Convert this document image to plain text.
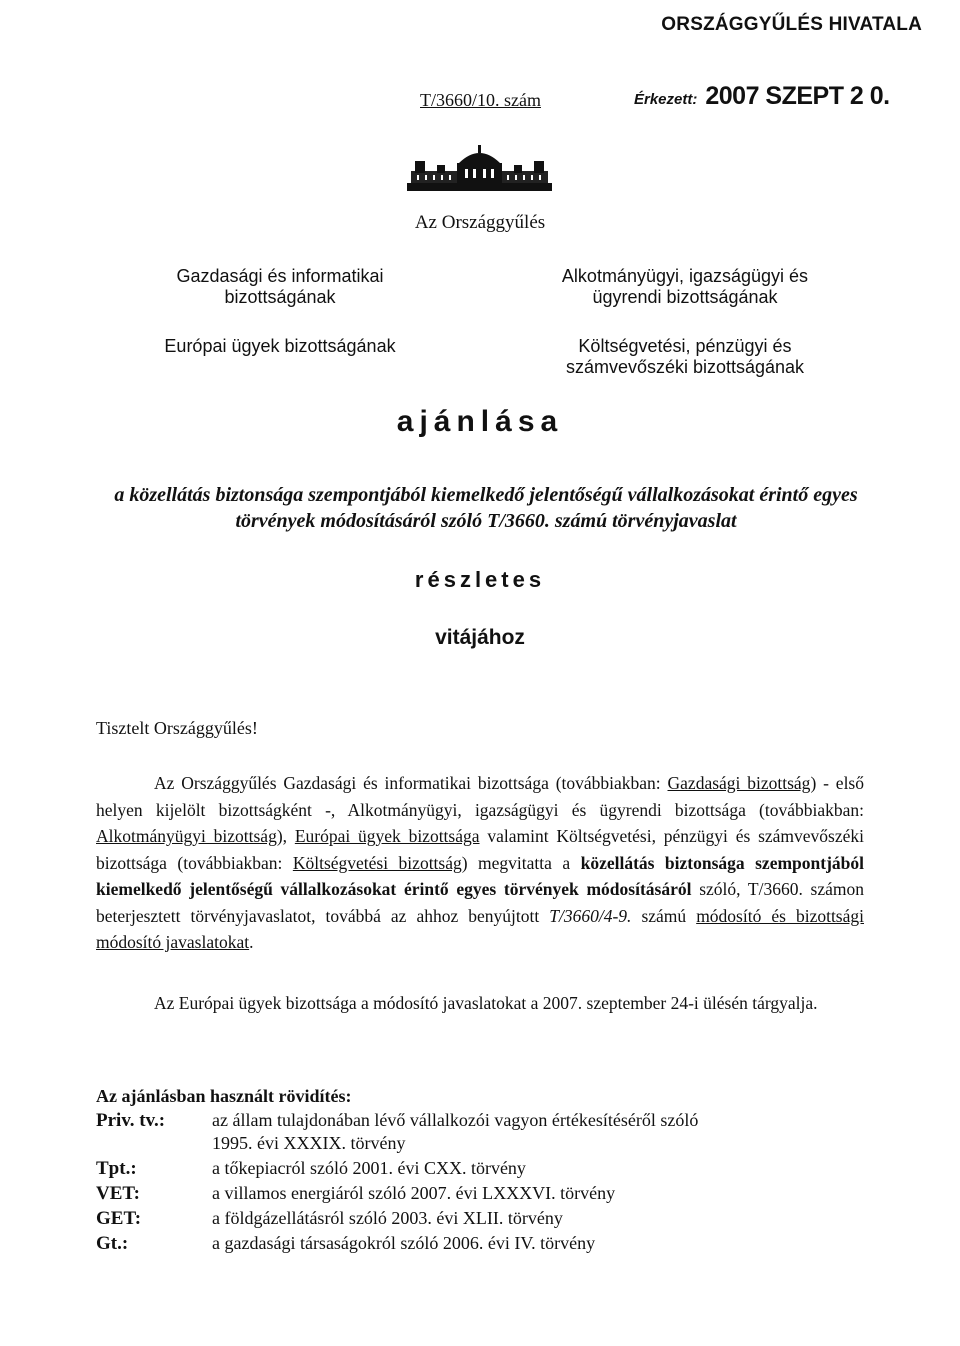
ORSZÁGGYŰLÉS HIVATALA
T/3660/10. szám	Érkezett: 2007 SZEPT 2 0.
Az Országgyűlés
Gazdasági és informatikai bizottságának
Európai ügyek bizottságának
Alkotmányügyi, igazságügyi és ügyrendi bizottságának
Költségvetési, pénzügyi és számvevőszéki bizottságának
ajánlása
a közellátás biztonsága szempontjából kiemelkedő jelentőségű vállalkozásokat érintő egyes törvények módosításáról szóló T/3660. számú törvényjavaslat
részletes
vitájához
Tisztelt Országgyűlés!
Az Országgyűlés Gazdasági és informatikai bizottsága (továbbiakban: Gazdasági bizottság) - első helyen kijelölt bizottságként -, Alkotmányügyi, igazságügyi és ügyrendi bizottsága (továbbiakban: Alkotmányügyi bizottság), Európai ügyek bizottsága valamint Költségvetési, pénzügyi és számvevőszéki bizottsága (továbbiakban: Költségvetési bizottság) megvitatta a közellátás biztonsága szempontjából kiemelkedő jelentőségű vállalkozásokat érintő egyes törvények módosításáról szóló, T/3660. számon beterjesztett törvényjavaslatot, továbbá az ahhoz benyújtott T/3660/4-9. számú módosító és bizottsági módosító javaslatokat.
Az Európai ügyek bizottsága a módosító javaslatokat a 2007. szeptember 24-i ülésén tárgyalja.
Az ajánlásban használt rövidítés:
Priv. tv.:	az állam tulajdonában lévő vállalkozói vagyon értékesítéséről szóló 1995. évi XXXIX. törvény
Tpt.:	a tőkepiacról szóló 2001. évi CXX. törvény
VET:	a villamos energiáról szóló 2007. évi LXXXVI. törvény
GET:	a földgázellátásról szóló 2003. évi XLII. törvény
Gt.:	a gazdasági társaságokról szóló 2006. évi IV. törvény
